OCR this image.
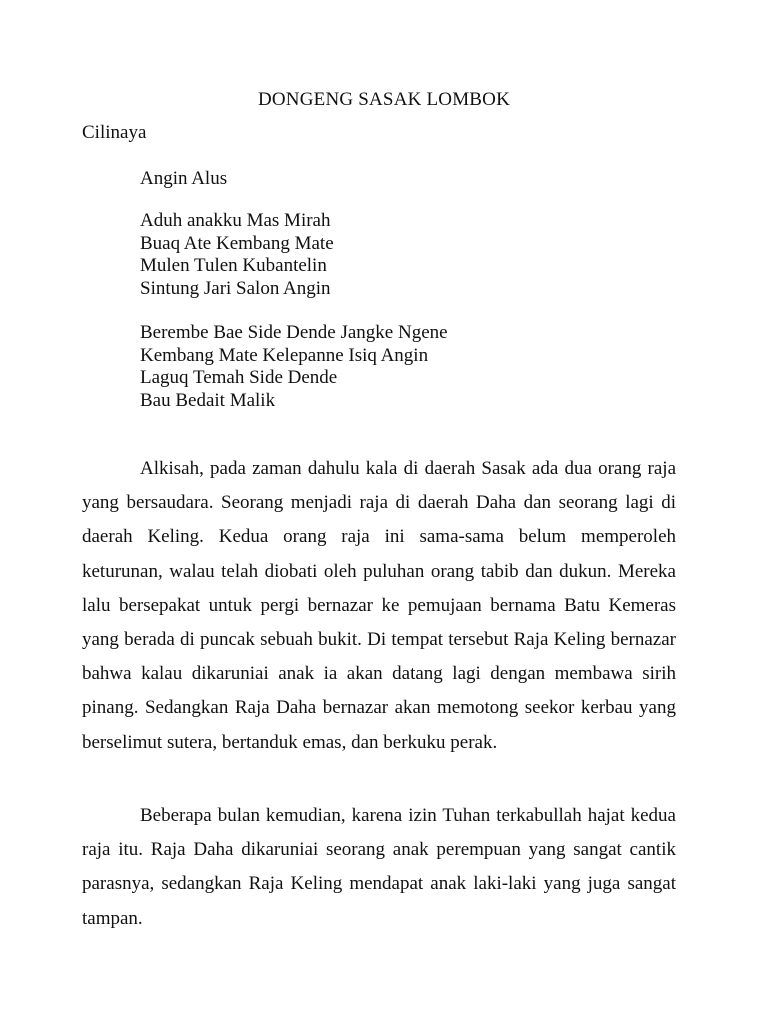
DONGENG SASAK LOMBOK

Cilinaya

Angin Alus

Aduh anakku Mas Mirah
Buaq Ate Kembang Mate
Mulen Tulen Kubantelin
Sintung Jari Salon Angin
Berembe Bae Side Dende Jangke Ngene
Kembang Mate Kelepanne Isiq Angin
Laguq Temah Side Dende
Bau Bedait Malik

Alkisah, pada zaman dahulu kala di daerah Sasak ada dua orang raja yang bersaudara. Seorang menjadi raja di daerah Daha dan seorang lagi di daerah Keling. Kedua orang raja ini sama-sama belum memperoleh keturunan, walau telah diobati oleh puluhan orang tabib dan dukun. Mereka lalu bersepakat untuk pergi bernazar ke pemujaan bernama Batu Kemeras yang berada di puncak sebuah bukit. Di tempat tersebut Raja Keling bernazar bahwa kalau dikaruniai anak ia akan datang lagi dengan membawa sirih pinang. Sedangkan Raja Daha bernazar akan memotong seekor kerbau yang berselimut sutera, bertanduk emas, dan berkuku perak.

Beberapa bulan kemudian, karena izin Tuhan terkabullah hajat kedua raja itu. Raja Daha dikaruniai seorang anak perempuan yang sangat cantik parasnya, sedangkan Raja Keling mendapat anak laki-laki yang juga sangat tampan.
